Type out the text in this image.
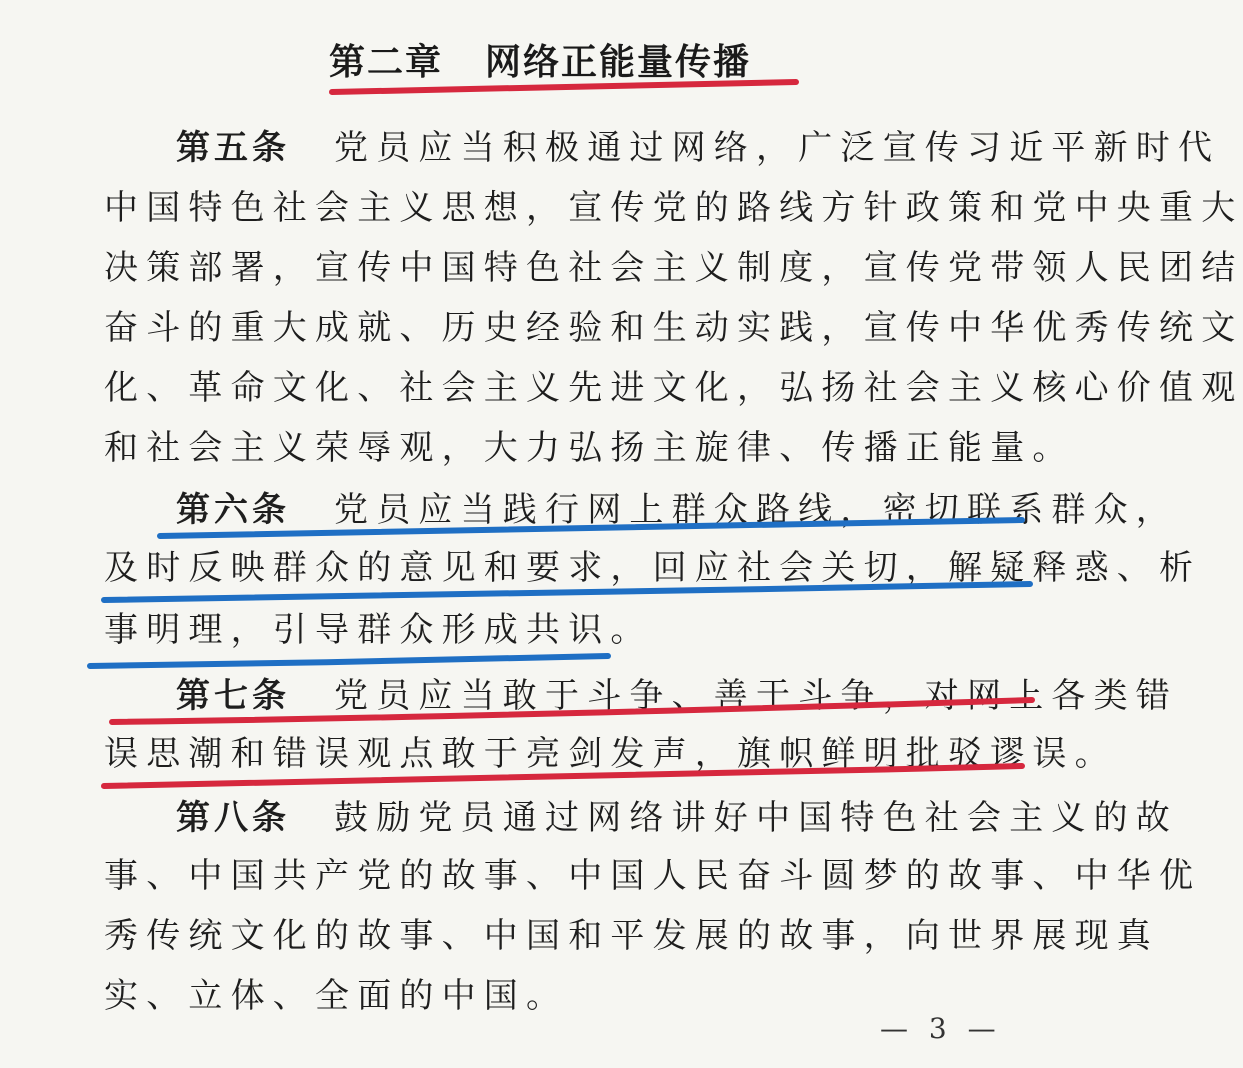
第二章 网络正能量传播
第五条 党员应当积极通过网络，广泛宣传习近平新时代
中国特色社会主义思想，宣传党的路线方针政策和党中央重大
决策部署，宣传中国特色社会主义制度，宣传党带领人民团结
奋斗的重大成就、历史经验和生动实践，宣传中华优秀传统文
化、革命文化、社会主义先进文化，弘扬社会主义核心价值观
和社会主义荣辱观，大力弘扬主旋律、传播正能量。
第六条 党员应当践行网上群众路线，密切联系群众，
及时反映群众的意见和要求，回应社会关切，解疑释惑、析
事明理，引导群众形成共识。
第七条 党员应当敢于斗争、善于斗争，对网上各类错
误思潮和错误观点敢于亮剑发声，旗帜鲜明批驳谬误。
第八条 鼓励党员通过网络讲好中国特色社会主义的故
事、中国共产党的故事、中国人民奋斗圆梦的故事、中华优
秀传统文化的故事、中国和平发展的故事，向世界展现真
实、立体、全面的中国。
— 3 —
